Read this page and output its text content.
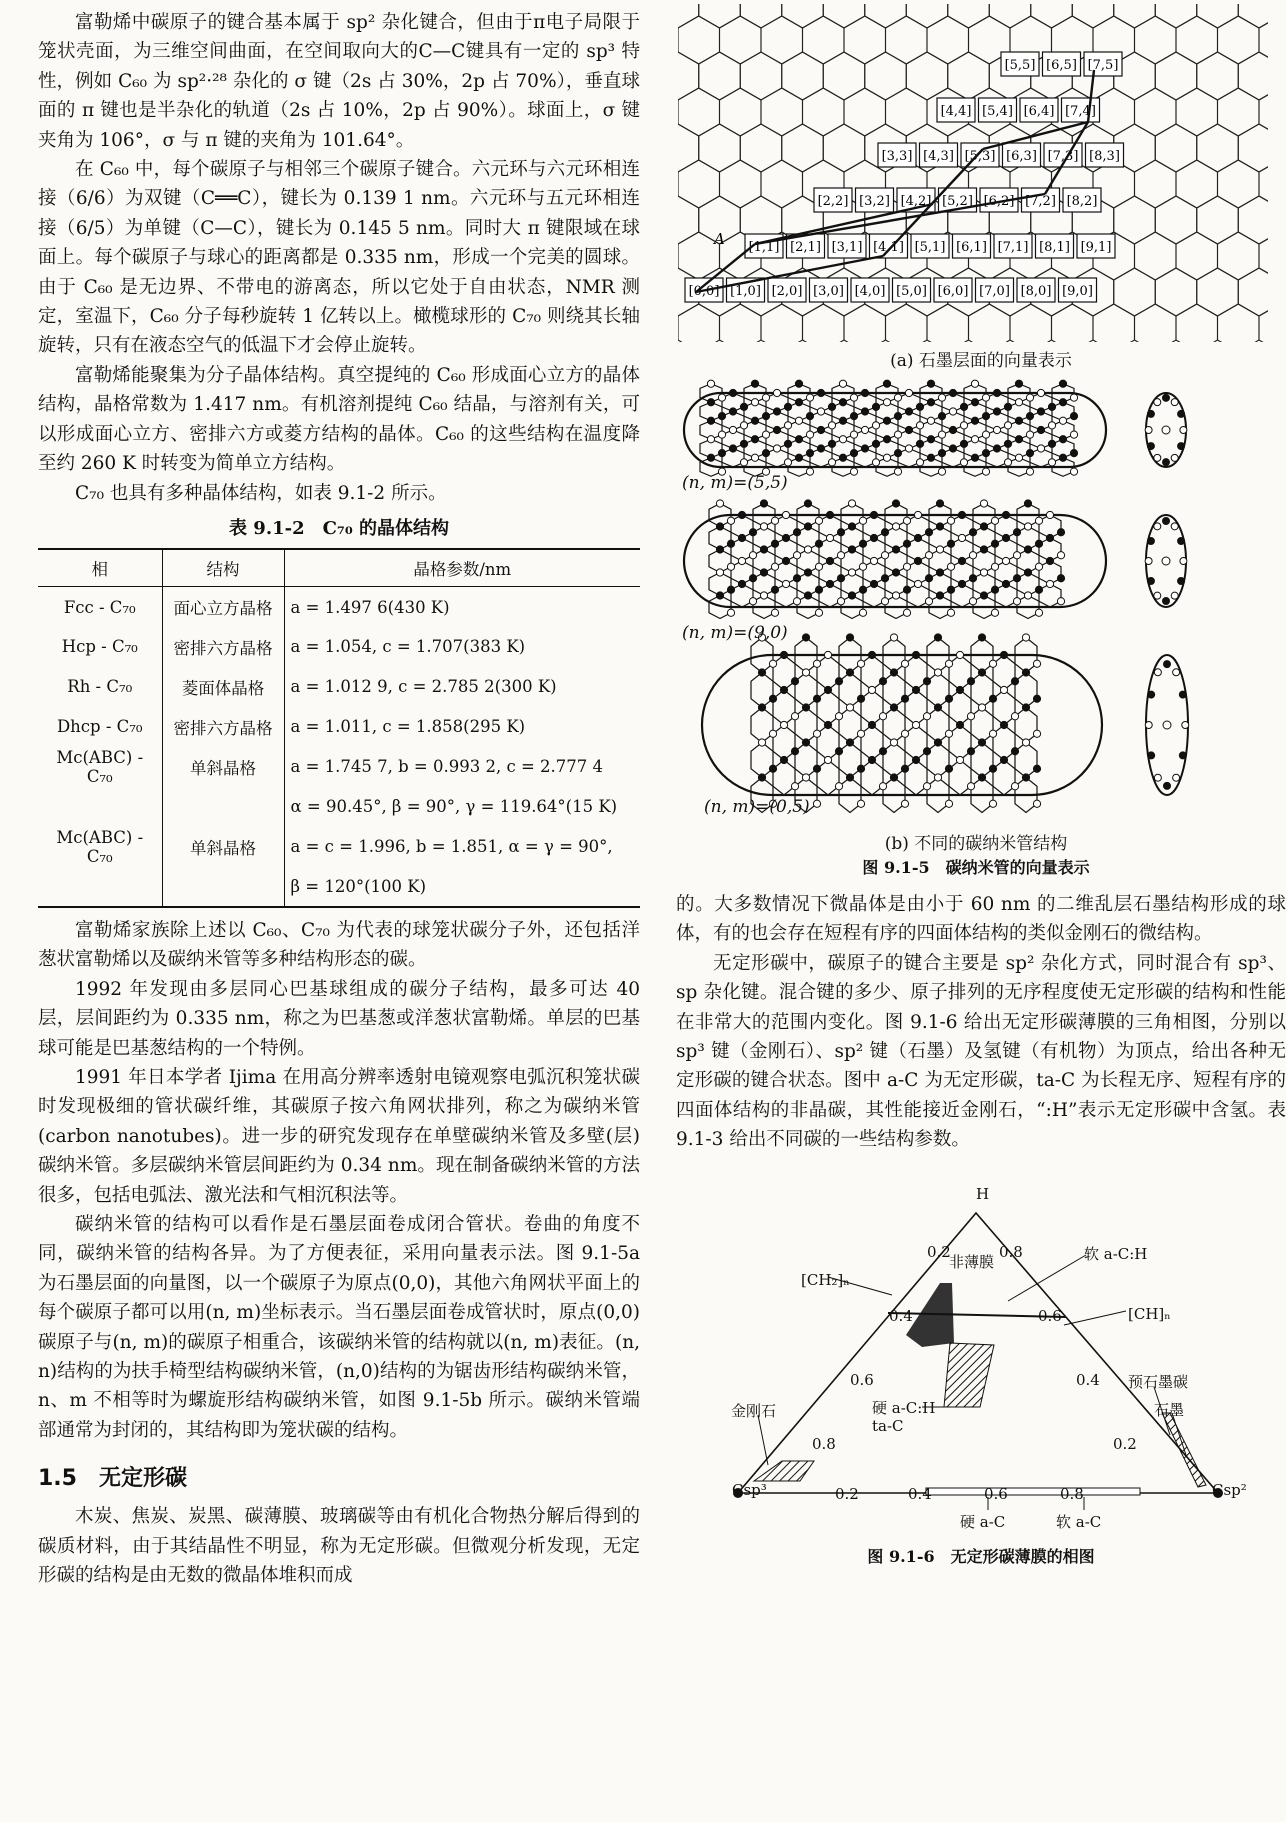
富勒烯中碳原子的键合基本属于 sp² 杂化键合，但由于π电子局限于笼状壳面，为三维空间曲面，在空间取向大的C—C键具有一定的 sp³ 特性，例如 C₆₀ 为 sp²·²⁸ 杂化的 σ 键（2s 占 30%，2p 占 70%），垂直球面的 π 键也是半杂化的轨道（2s 占 10%，2p 占 90%）。球面上，σ 键夹角为 106°，σ 与 π 键的夹角为 101.64°。

在 C₆₀ 中，每个碳原子与相邻三个碳原子键合。六元环与六元环相连接（6/6）为双键（C══C），键长为 0.139 1 nm。六元环与五元环相连接（6/5）为单键（C—C），键长为 0.145 5 nm。同时大 π 键限域在球面上。每个碳原子与球心的距离都是 0.335 nm，形成一个完美的圆球。由于 C₆₀ 是无边界、不带电的游离态，所以它处于自由状态，NMR 测定，室温下，C₆₀ 分子每秒旋转 1 亿转以上。橄榄球形的 C₇₀ 则绕其长轴旋转，只有在液态空气的低温下才会停止旋转。

富勒烯能聚集为分子晶体结构。真空提纯的 C₆₀ 形成面心立方的晶体结构，晶格常数为 1.417 nm。有机溶剂提纯 C₆₀ 结晶，与溶剂有关，可以形成面心立方、密排六方或菱方结构的晶体。C₆₀ 的这些结构在温度降至约 260 K 时转变为简单立方结构。

C₇₀ 也具有多种晶体结构，如表 9.1-2 所示。

表 9.1-2　C₇₀ 的晶体结构
相	结构	晶格参数/nm
Fcc - C₇₀	面心立方晶格	a = 1.497 6(430 K)
Hcp - C₇₀	密排六方晶格	a = 1.054, c = 1.707(383 K)
Rh - C₇₀	菱面体晶格	a = 1.012 9, c = 2.785 2(300 K)
Dhcp - C₇₀	密排六方晶格	a = 1.011, c = 1.858(295 K)
Mc(ABC) - C₇₀	单斜晶格	a = 1.745 7, b = 0.993 2, c = 2.777 4
		α = 90.45°, β = 90°, γ = 119.64°(15 K)
Mc(ABC) - C₇₀	单斜晶格	a = c = 1.996, b = 1.851, α = γ = 90°,
		β = 120°(100 K)

富勒烯家族除上述以 C₆₀、C₇₀ 为代表的球笼状碳分子外，还包括洋葱状富勒烯以及碳纳米管等多种结构形态的碳。

1992 年发现由多层同心巴基球组成的碳分子结构，最多可达 40 层，层间距约为 0.335 nm，称之为巴基葱或洋葱状富勒烯。单层的巴基球可能是巴基葱结构的一个特例。

1991 年日本学者 Ijima 在用高分辨率透射电镜观察电弧沉积笼状碳时发现极细的管状碳纤维，其碳原子按六角网状排列，称之为碳纳米管(carbon nanotubes)。进一步的研究发现存在单壁碳纳米管及多壁(层)碳纳米管。多层碳纳米管层间距约为 0.34 nm。现在制备碳纳米管的方法很多，包括电弧法、激光法和气相沉积法等。

碳纳米管的结构可以看作是石墨层面卷成闭合管状。卷曲的角度不同，碳纳米管的结构各异。为了方便表征，采用向量表示法。图 9.1-5a 为石墨层面的向量图，以一个碳原子为原点(0,0)，其他六角网状平面上的每个碳原子都可以用(n, m)坐标表示。当石墨层面卷成管状时，原点(0,0)碳原子与(n, m)的碳原子相重合，该碳纳米管的结构就以(n, m)表征。(n, n)结构的为扶手椅型结构碳纳米管，(n,0)结构的为锯齿形结构碳纳米管，n、m 不相等时为螺旋形结构碳纳米管，如图 9.1-5b 所示。碳纳米管端部通常为封闭的，其结构即为笼状碳的结构。

1.5　无定形碳

木炭、焦炭、炭黑、碳薄膜、玻璃碳等由有机化合物热分解后得到的碳质材料，由于其结晶性不明显，称为无定形碳。但微观分析发现，无定形碳的结构是由无数的微晶体堆积而成

[5,5] [6,5] [7,5]
[4,4] [5,4] [6,4] [7,4]
[3,3] [4,3] [5,3] [6,3] [7,3] [8,3]
[2,2] [3,2] [4,2] [5,2] [6,2] [7,2] [8,2]
[1,1] [2,1] [3,1] [4,1] [5,1] [6,1] [7,1] [8,1] [9,1]
[0,0] [1,0] [2,0] [3,0] [4,0] [5,0] [6,0] [7,0] [8,0] [9,0]
A
(a) 石墨层面的向量表示
(n, m)=(5,5)
(n, m)=(9,0)
(n, m)=(0,5)
(b) 不同的碳纳米管结构
图 9.1-5　碳纳米管的向量表示

的。大多数情况下微晶体是由小于 60 nm 的二维乱层石墨结构形成的球体，有的也会存在短程有序的四面体结构的类似金刚石的微结构。

无定形碳中，碳原子的键合主要是 sp² 杂化方式，同时混合有 sp³、sp 杂化键。混合键的多少、原子排列的无序程度使无定形碳的结构和性能在非常大的范围内变化。图 9.1-6 给出无定形碳薄膜的三角相图，分别以 sp³ 键（金刚石）、sp² 键（石墨）及氢键（有机物）为顶点，给出各种无定形碳的键合状态。图中 a-C 为无定形碳，ta-C 为长程无序、短程有序的四面体结构的非晶碳，其性能接近金刚石，“:H”表示无定形碳中含氢。表 9.1-3 给出不同碳的一些结构参数。

H
Csp³	Csp²
0.2
0.4
0.6
0.8
0.8
0.6
0.4
0.2
0.2	0.4	0.6	0.8
非薄膜	软 a-C:H
[CH₂]ₙ
[CH]ₙ
预石墨碳
石墨
金刚石	硬 a-C:H
ta-C
硬 a-C	软 a-C
图 9.1-6　无定形碳薄膜的相图
